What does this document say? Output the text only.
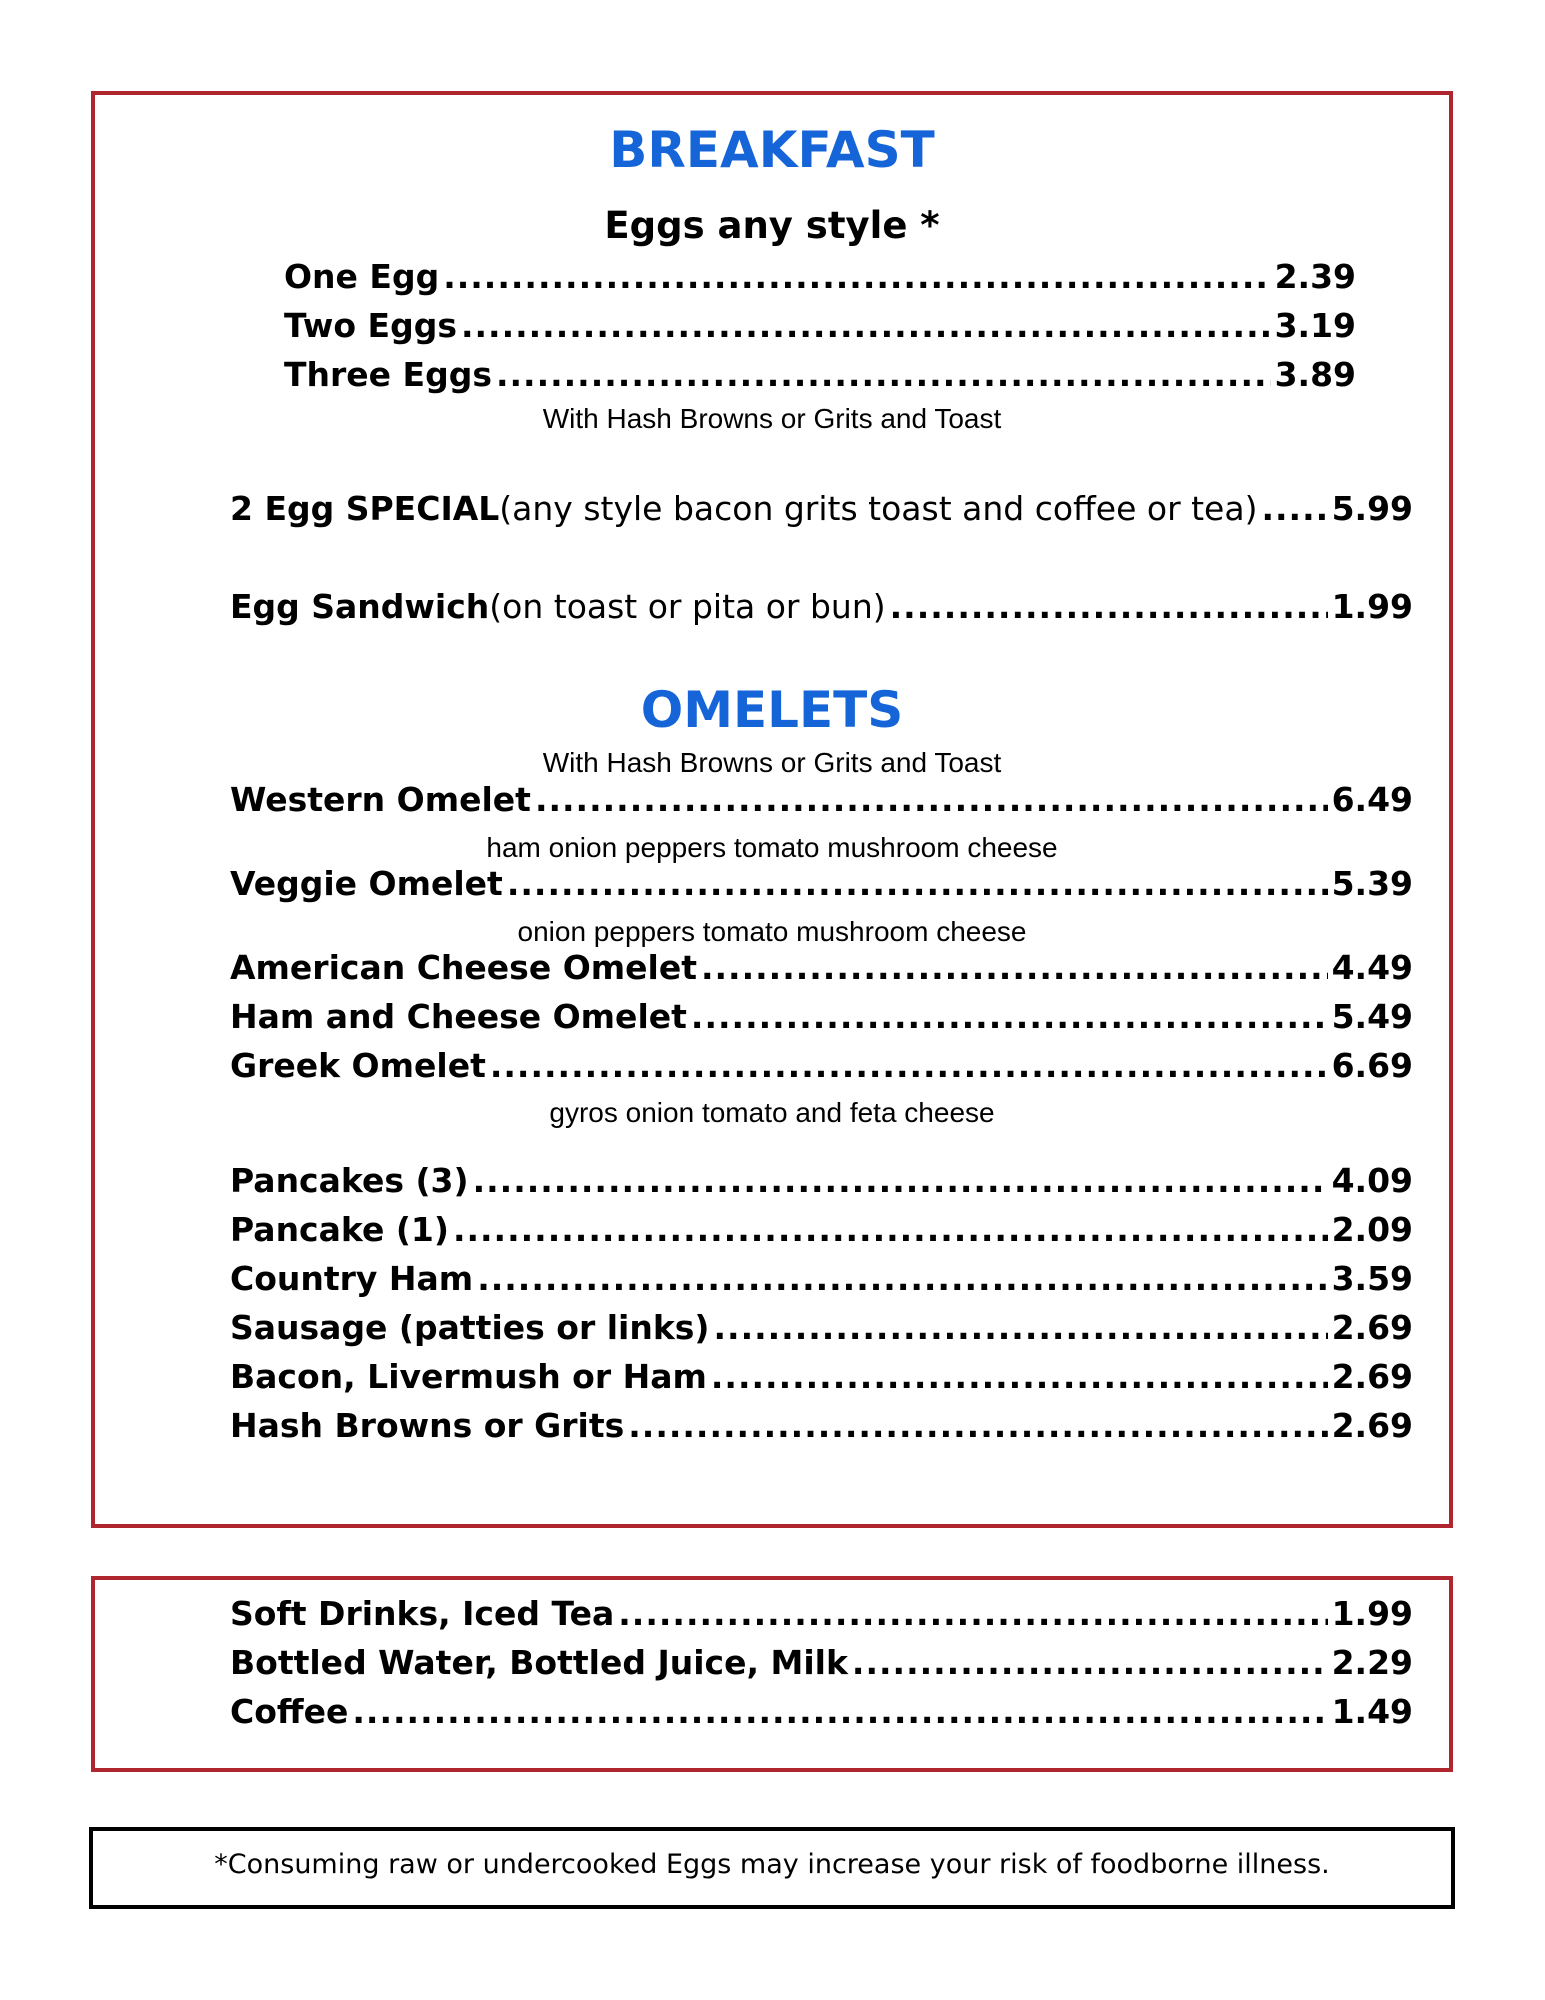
BREAKFAST
Eggs any style *
One Egg .....	2.39
Two Eggs .....	3.19
Three Eggs .....	3.89
With Hash Browns or Grits and Toast
2 Egg SPECIAL (any style bacon grits toast and coffee or tea) ..... 5.99
Egg Sandwich (on toast or pita or bun) .....	1.99
OMELETS
With Hash Browns or Grits and Toast
Western Omelet .....	6.49
ham onion peppers tomato mushroom cheese
Veggie Omelet .....	5.39
onion peppers tomato mushroom cheese
American Cheese Omelet .....	4.49
Ham and Cheese Omelet .....	5.49
Greek Omelet .....	6.69
gyros onion tomato and feta cheese
Pancakes (3) .....	4.09
Pancake (1) .....	2.09
Country Ham .....	3.59
Sausage (patties or links) .....	2.69
Bacon, Livermush or Ham .....	2.69
Hash Browns or Grits .....	2.69
Soft Drinks, Iced Tea .....	1.99
Bottled Water, Bottled Juice, Milk .....	2.29
Coffee .....	1.49
*Consuming raw or undercooked Eggs may increase your risk of foodborne illness.
